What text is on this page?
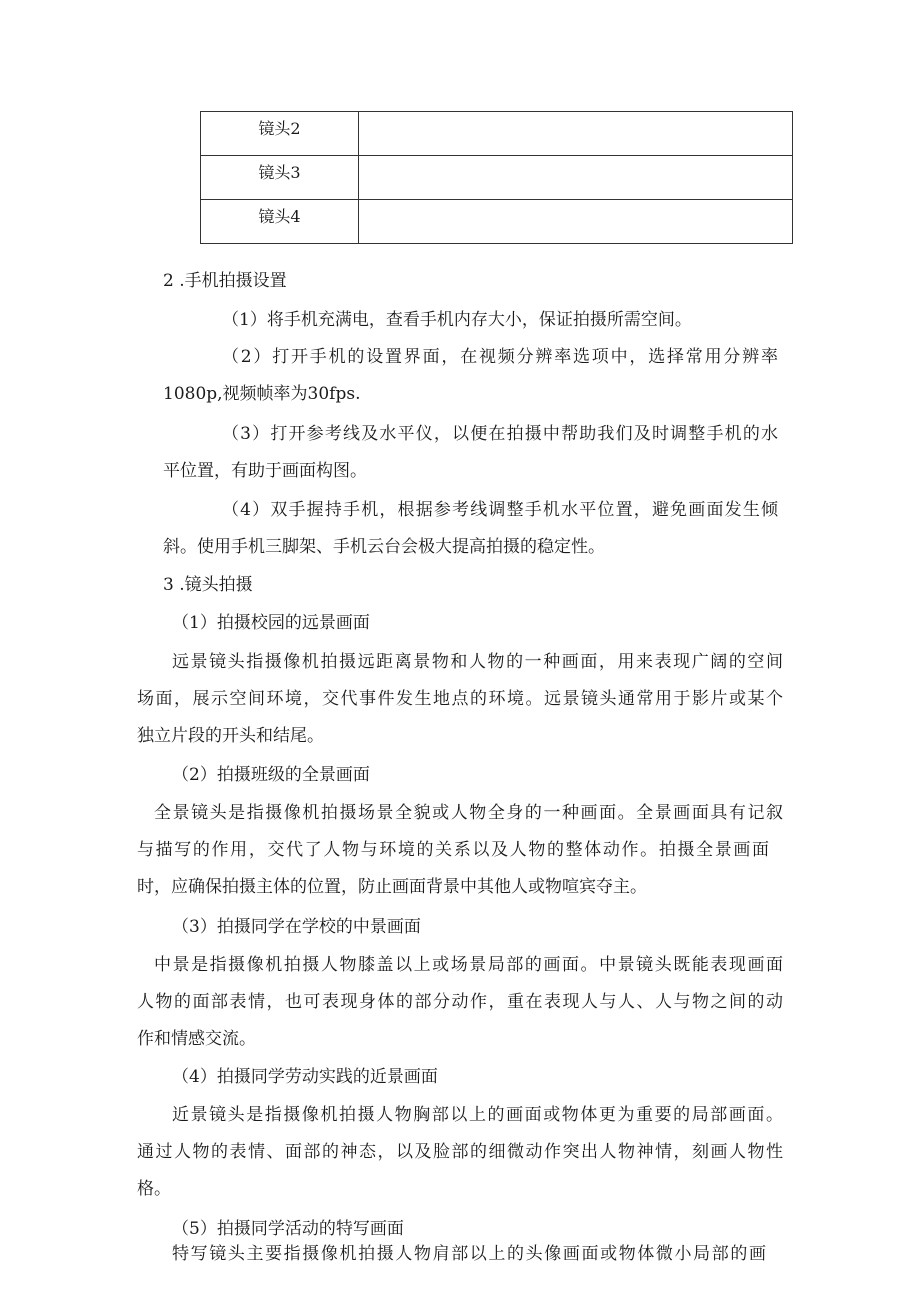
镜头2	
镜头3	
镜头4	
2 .手机拍摄设置
（1）将手机充满电，查看手机内存大小，保证拍摄所需空间。
（2）打开手机的设置界面，在视频分辨率选项中，选择常用分辨率
1080p,视频帧率为30fps.
（3）打开参考线及水平仪，以便在拍摄中帮助我们及时调整手机的水
平位置，有助于画面构图。
（4）双手握持手机，根据参考线调整手机水平位置，避免画面发生倾
斜。使用手机三脚架、手机云台会极大提高拍摄的稳定性。
3 .镜头拍摄
（1）拍摄校园的远景画面
远景镜头指摄像机拍摄远距离景物和人物的一种画面，用来表现广阔的空间
场面，展示空间环境，交代事件发生地点的环境。远景镜头通常用于影片或某个
独立片段的开头和结尾。
（2）拍摄班级的全景画面
全景镜头是指摄像机拍摄场景全貌或人物全身的一种画面。全景画面具有记叙
与描写的作用，交代了人物与环境的关系以及人物的整体动作。拍摄全景画面
时，应确保拍摄主体的位置，防止画面背景中其他人或物喧宾夺主。
（3）拍摄同学在学校的中景画面
中景是指摄像机拍摄人物膝盖以上或场景局部的画面。中景镜头既能表现画面
人物的面部表情，也可表现身体的部分动作，重在表现人与人、人与物之间的动
作和情感交流。
（4）拍摄同学劳动实践的近景画面
近景镜头是指摄像机拍摄人物胸部以上的画面或物体更为重要的局部画面。
通过人物的表情、面部的神态，以及脸部的细微动作突出人物神情，刻画人物性
格。
（5）拍摄同学活动的特写画面
特写镜头主要指摄像机拍摄人物肩部以上的头像画面或物体微小局部的画
